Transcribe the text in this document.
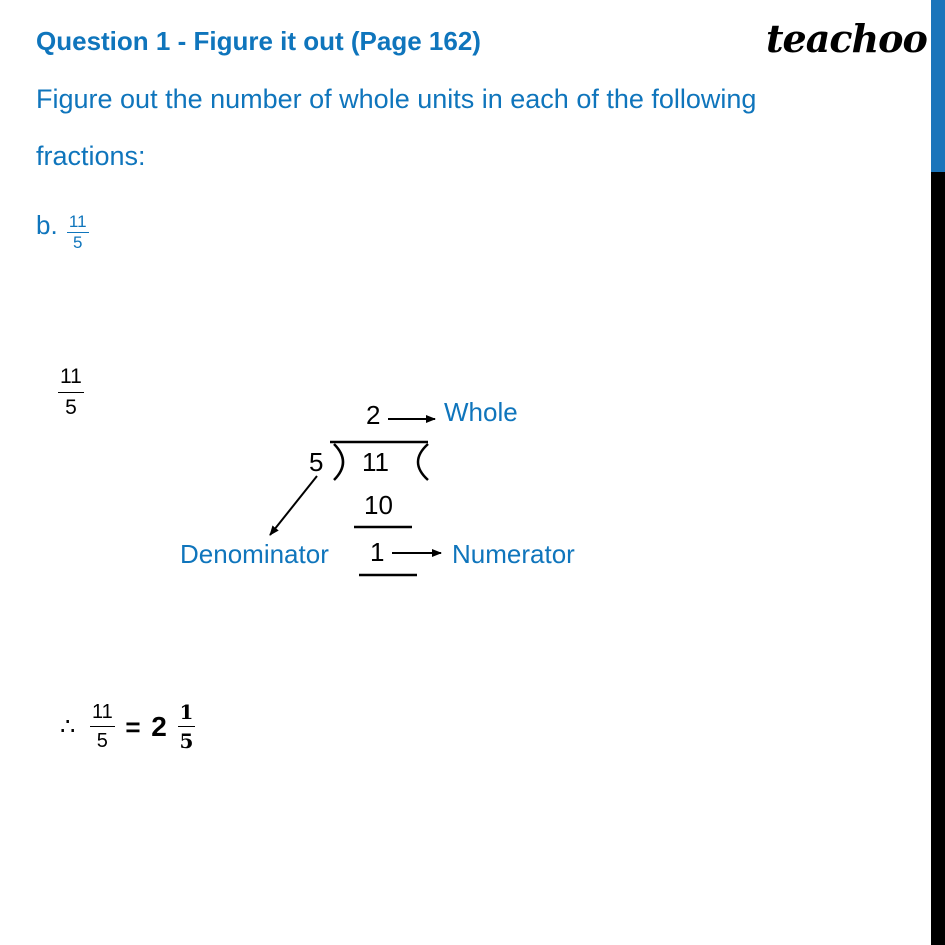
Question 1 - Figure it out (Page 162)	teachoo
Figure out the number of whole units in each of the following
fractions:
b. $\frac{11}{5}$
$\frac{11}{5}$	2
5 11
10
1
Whole
Denominator	Numerator
∴ $\frac{11}{5} = 2 \frac{1}{5}$
